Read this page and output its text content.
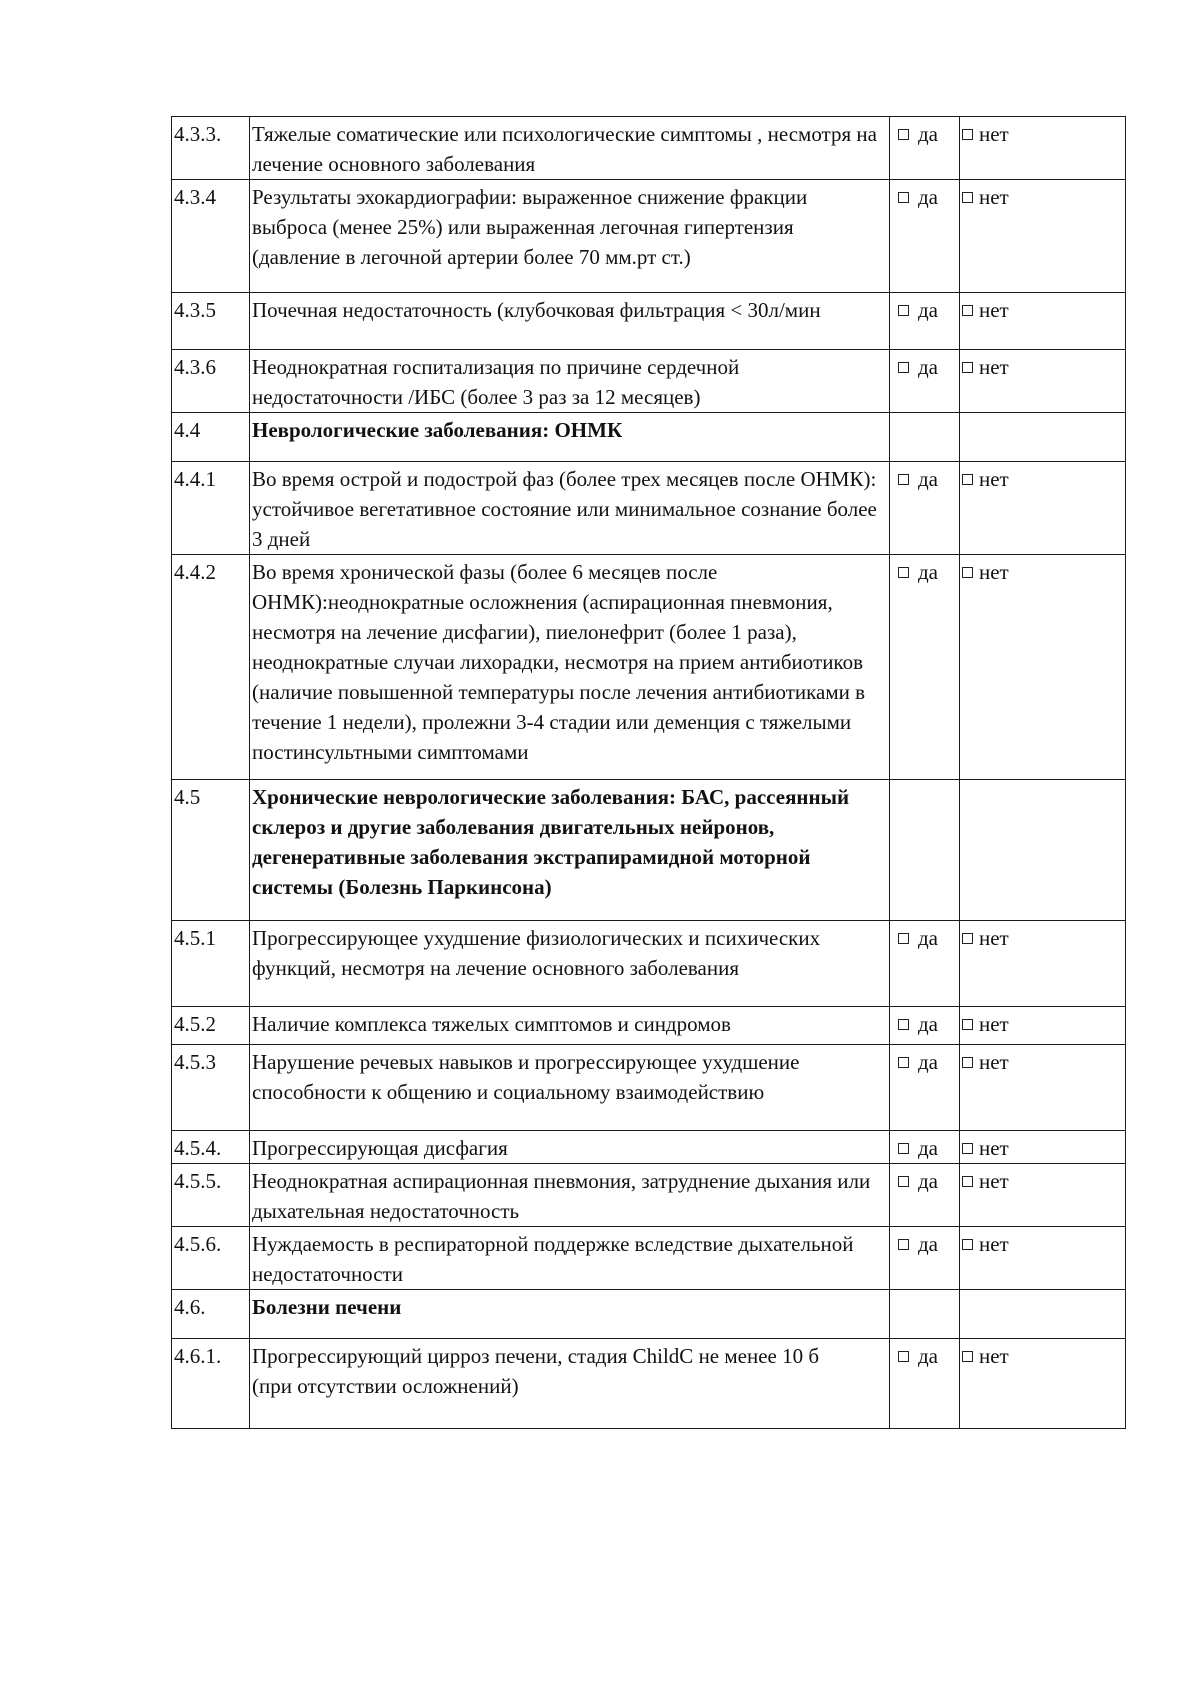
4.3.3.	Тяжелые соматические или психологические симптомы , несмотря на лечение основного заболевания	да	нет
4.3.4	Результаты эхокардиографии: выраженное снижение фракции выброса (менее 25%) или выраженная легочная гипертензия (давление в легочной артерии более 70 мм.рт ст.)	да	нет
4.3.5	Почечная недостаточность (клубочковая фильтрация < 30л/мин	да	нет
4.3.6	Неоднократная госпитализация по причине сердечной недостаточности /ИБС (более 3 раз за 12 месяцев)	да	нет
4.4	Неврологические заболевания: ОНМК		
4.4.1	Во время острой и подострой фаз (более трех месяцев после ОНМК): устойчивое вегетативное состояние или минимальное сознание более 3 дней	да	нет
4.4.2	Во время хронической фазы (более 6 месяцев после ОНМК):неоднократные осложнения (аспирационная пневмония, несмотря на лечение дисфагии), пиелонефрит (более 1 раза), неоднократные случаи лихорадки, несмотря на прием антибиотиков (наличие повышенной температуры после лечения антибиотиками в течение 1 недели), пролежни 3-4 стадии или деменция с тяжелыми постинсультными симптомами	да	нет
4.5	Хронические неврологические заболевания: БАС, рассеянный склероз и другие заболевания двигательных нейронов, дегенеративные заболевания экстрапирамидной моторной системы (Болезнь Паркинсона)		
4.5.1	Прогрессирующее ухудшение физиологических и психических функций, несмотря на лечение основного заболевания	да	нет
4.5.2	Наличие комплекса тяжелых симптомов и синдромов	да	нет
4.5.3	Нарушение речевых навыков и прогрессирующее ухудшение способности к общению и социальному взаимодействию	да	нет
4.5.4.	Прогрессирующая дисфагия	да	нет
4.5.5.	Неоднократная аспирационная пневмония, затруднение дыхания или дыхательная недостаточность	да	нет
4.5.6.	Нуждаемость в респираторной поддержке вследствие дыхательной недостаточности	да	нет
4.6.	Болезни печени		
4.6.1.	Прогрессирующий цирроз печени, стадия ChildC не менее 10 б
(при отсутствии осложнений)	да	нет
